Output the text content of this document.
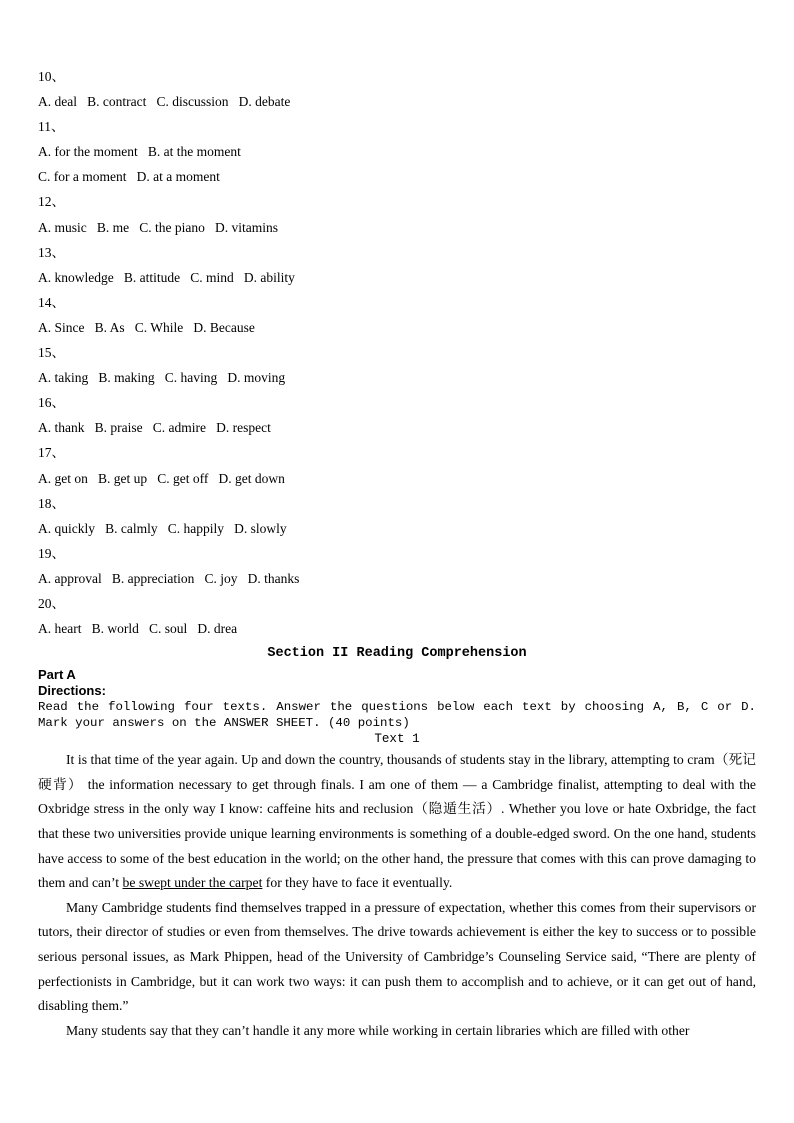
10、
A. deal   B. contract   C. discussion   D. debate
11、
A. for the moment   B. at the moment
C. for a moment   D. at a moment
12、
A. music   B. me   C. the piano   D. vitamins
13、
A. knowledge   B. attitude   C. mind   D. ability
14、
A. Since   B. As   C. While   D. Because
15、
A. taking   B. making   C. having   D. moving
16、
A. thank   B. praise   C. admire   D. respect
17、
A. get on   B. get up   C. get off   D. get down
18、
A. quickly   B. calmly   C. happily   D. slowly
19、
A. approval   B. appreciation   C. joy   D. thanks
20、
A. heart   B. world   C. soul   D. drea
Section II Reading Comprehension
Part A
Directions:
Read the following four texts. Answer the questions below each text by choosing A, B, C or D. Mark your answers on the ANSWER SHEET. (40 points)
Text 1

It is that time of the year again. Up and down the country, thousands of students stay in the library, attempting to cram（死记硬背） the information necessary to get through finals. I am one of them — a Cambridge finalist, attempting to deal with the Oxbridge stress in the only way I know: caffeine hits and reclusion（隐遁生活）. Whether you love or hate Oxbridge, the fact that these two universities provide unique learning environments is something of a double-edged sword. On the one hand, students have access to some of the best education in the world; on the other hand, the pressure that comes with this can prove damaging to them and can’t be swept under the carpet for they have to face it eventually.

Many Cambridge students find themselves trapped in a pressure of expectation, whether this comes from their supervisors or tutors, their director of studies or even from themselves. The drive towards achievement is either the key to success or to possible serious personal issues, as Mark Phippen, head of the University of Cambridge’s Counseling Service said, “There are plenty of perfectionists in Cambridge, but it can work two ways: it can push them to accomplish and to achieve, or it can get out of hand, disabling them.”

Many students say that they can’t handle it any more while working in certain libraries which are filled with other
